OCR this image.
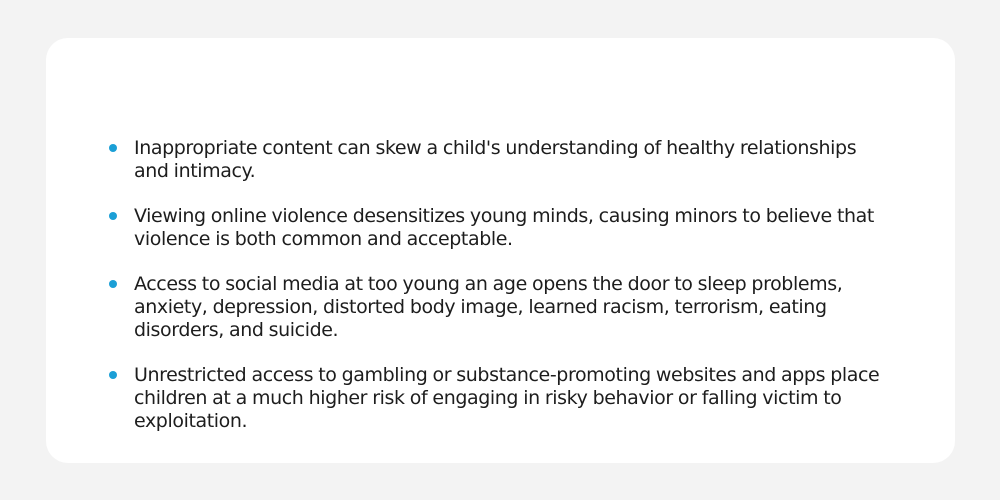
Inappropriate content can skew a child's understanding of healthy relationships and intimacy.
Viewing online violence desensitizes young minds, causing minors to believe that violence is both common and acceptable.
Access to social media at too young an age opens the door to sleep problems, anxiety, depression, distorted body image, learned racism, terrorism, eating disorders, and suicide.
Unrestricted access to gambling or substance-promoting websites and apps place children at a much higher risk of engaging in risky behavior or falling victim to exploitation.
